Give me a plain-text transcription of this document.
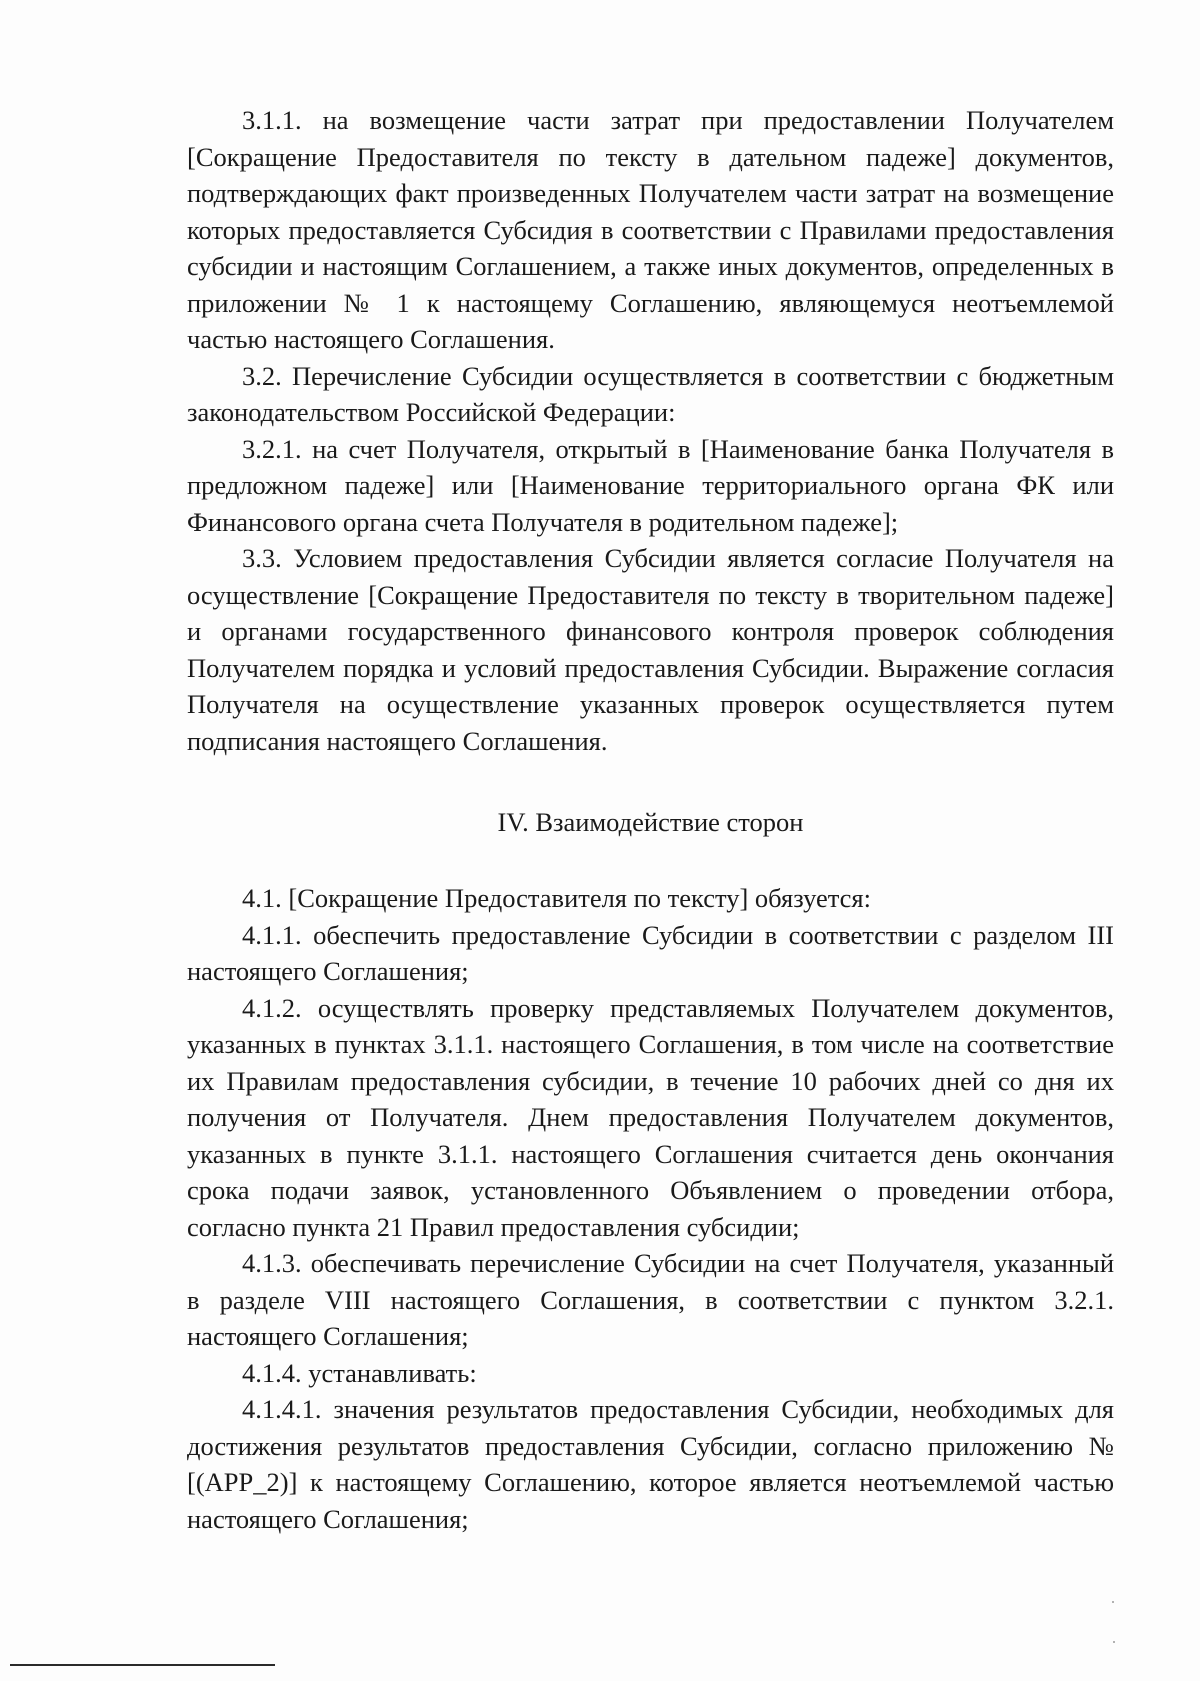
3.1.1. на возмещение части затрат при предоставлении Получателем [Сокращение Предоставителя по тексту в дательном падеже] документов, подтверждающих факт произведенных Получателем части затрат на возмещение которых предоставляется Субсидия в соответствии с Правилами предоставления субсидии и настоящим Соглашением, а также иных документов, определенных в приложении № 1 к настоящему Соглашению, являющемуся неотъемлемой частью настоящего Соглашения.

3.2. Перечисление Субсидии осуществляется в соответствии с бюджетным законодательством Российской Федерации:

3.2.1. на счет Получателя, открытый в [Наименование банка Получателя в предложном падеже] или [Наименование территориального органа ФК или Финансового органа счета Получателя в родительном падеже];

3.3. Условием предоставления Субсидии является согласие Получателя на осуществление [Сокращение Предоставителя по тексту в творительном падеже] и органами государственного финансового контроля проверок соблюдения Получателем порядка и условий предоставления Субсидии. Выражение согласия Получателя на осуществление указанных проверок осуществляется путем подписания настоящего Соглашения.

IV. Взаимодействие сторон

4.1. [Сокращение Предоставителя по тексту] обязуется:

4.1.1. обеспечить предоставление Субсидии в соответствии с разделом III настоящего Соглашения;

4.1.2. осуществлять проверку представляемых Получателем документов, указанных в пунктах 3.1.1. настоящего Соглашения, в том числе на соответствие их Правилам предоставления субсидии, в течение 10 рабочих дней со дня их получения от Получателя. Днем предоставления Получателем документов, указанных в пункте 3.1.1. настоящего Соглашения считается день окончания срока подачи заявок, установленного Объявлением о проведении отбора, согласно пункта 21 Правил предоставления субсидии;

4.1.3. обеспечивать перечисление Субсидии на счет Получателя, указанный в разделе VIII настоящего Соглашения, в соответствии с пунктом 3.2.1. настоящего Соглашения;

4.1.4. устанавливать:

4.1.4.1. значения результатов предоставления Субсидии, необходимых для достижения результатов предоставления Субсидии, согласно приложению № [(APP_2)] к настоящему Соглашению, которое является неотъемлемой частью настоящего Соглашения;
